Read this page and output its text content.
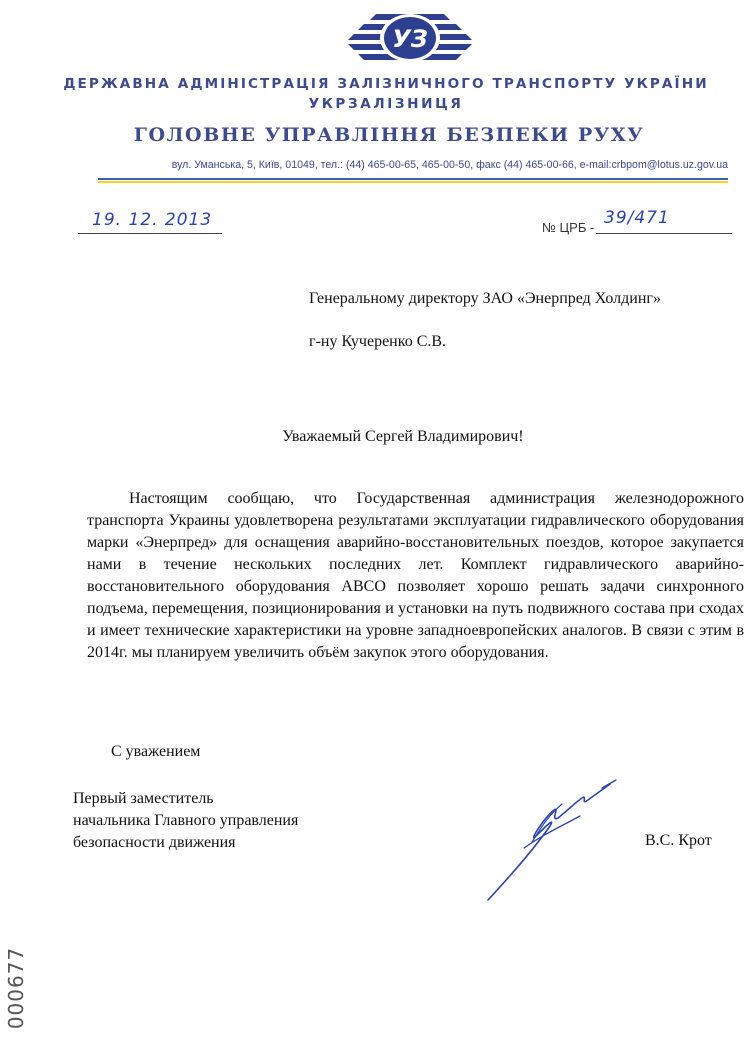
УЗ
ДЕРЖАВНА АДМІНІСТРАЦІЯ ЗАЛІЗНИЧНОГО ТРАНСПОРТУ УКРАЇНИ
УКРЗАЛІЗНИЦЯ
ГОЛОВНЕ УПРАВЛІННЯ БЕЗПЕКИ РУХУ
вул. Уманська, 5, Київ, 01049, тел.: (44) 465-00-65, 465-00-50, факс (44) 465-00-66, e-mail:crbpom@lotus.uz.gov.ua
19. 12. 2013	№ ЦРБ - 39/471
Генеральному директору ЗАО «Энерпред Холдинг»
г-ну Кучеренко С.В.
Уважаемый Сергей Владимирович!
Настоящим сообщаю, что Государственная администрация железнодорожного транспорта Украины удовлетворена результатами эксплуатации гидравлического оборудования марки «Энерпред» для оснащения аварийно-восстановительных поездов, которое закупается нами в течение нескольких последних лет. Комплект гидравлического аварийно-восстановительного оборудования АВСО позволяет хорошо решать задачи синхронного подъема, перемещения, позиционирования и установки на путь подвижного состава при сходах и имеет технические характеристики на уровне западноевропейских аналогов. В связи с этим в 2014г. мы планируем увеличить объём закупок этого оборудования.
С уважением
Первый заместитель
начальника Главного управления
безопасности движения	В.С. Крот
000677
